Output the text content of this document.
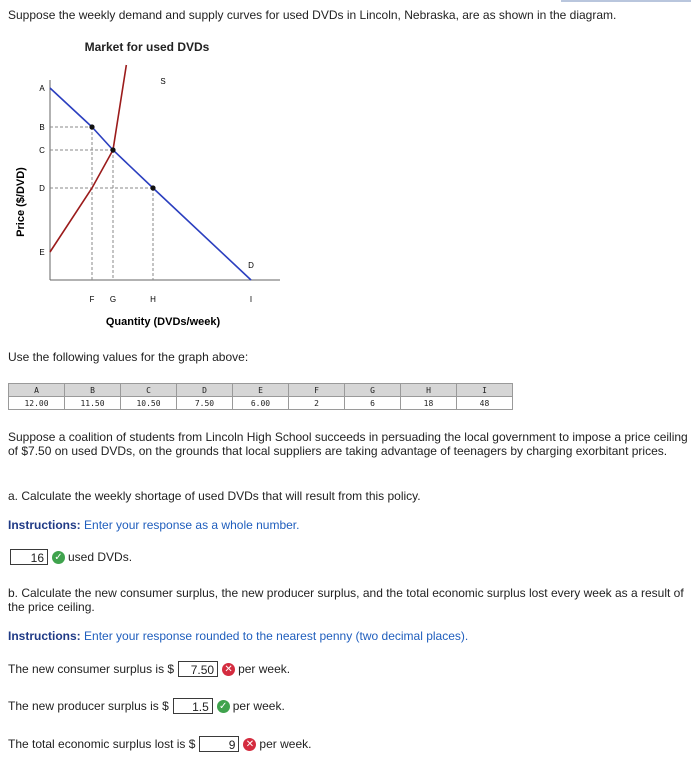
Suppose the weekly demand and supply curves for used DVDs in Lincoln, Nebraska, are as shown in the diagram.
Market for used DVDs
Price ($/DVD)
Quantity (DVDs/week)
A
B
C
D
E
F G	H	I
S
D
Use the following values for the graph above:
A	B	C	D	E	F	G	H	I
12.00	11.50	10.50	7.50	6.00	2	6	18	48
Suppose a coalition of students from Lincoln High School succeeds in persuading the local government to impose a price ceiling of $7.50 on used DVDs, on the grounds that local suppliers are taking advantage of teenagers by charging exorbitant prices.
a. Calculate the weekly shortage of used DVDs that will result from this policy.
Instructions: Enter your response as a whole number.
16	✓ used DVDs.
b. Calculate the new consumer surplus, the new producer surplus, and the total economic surplus lost every week as a result of the price ceiling.
Instructions: Enter your response rounded to the nearest penny (two decimal places).
The new consumer surplus is $	7.50	✕ per week.
The new producer surplus is $	1.5	✓ per week.
The total economic surplus lost is $	9	✕ per week.
